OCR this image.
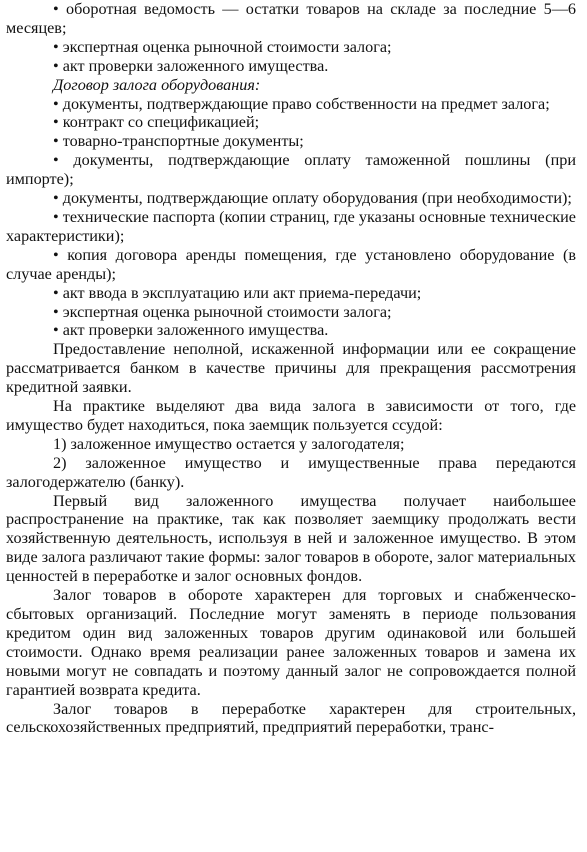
• оборотная ведомость — остатки товаров на складе за последние 5—6 месяцев;

• экспертная оценка рыночной стоимости залога;

• акт проверки заложенного имущества.

Договор залога оборудования:

• документы, подтверждающие право собственности на предмет залога;

• контракт со спецификацией;

• товарно-транспортные документы;

• документы, подтверждающие оплату таможенной пошлины (при импорте);

• документы, подтверждающие оплату оборудования (при необходимости);

• технические паспорта (копии страниц, где указаны основные технические характеристики);

• копия договора аренды помещения, где установлено оборудование (в случае аренды);

• акт ввода в эксплуатацию или акт приема-передачи;

• экспертная оценка рыночной стоимости залога;

• акт проверки заложенного имущества.

Предоставление неполной, искаженной информации или ее сокращение рассматривается банком в качестве причины для прекращения рассмотрения кредитной заявки.

На практике выделяют два вида залога в зависимости от того, где имущество будет находиться, пока заемщик пользуется ссудой:

1) заложенное имущество остается у залогодателя;

2) заложенное имущество и имущественные права передаются залогодержателю (банку).

Первый вид заложенного имущества получает наибольшее распространение на практике, так как позволяет заемщику продолжать вести хозяйственную деятельность, используя в ней и заложенное имущество. В этом виде залога различают такие формы: залог товаров в обороте, залог материальных ценностей в переработке и залог основных фондов.

Залог товаров в обороте характерен для торговых и снабженческо-сбытовых организаций. Последние могут заменять в периоде пользования кредитом один вид заложенных товаров другим одинаковой или большей стоимости. Однако время реализации ранее заложенных товаров и замена их новыми могут не совпадать и поэтому данный залог не сопровождается полной гарантией возврата кредита.

Залог товаров в переработке характерен для строительных, сельскохозяйственных предприятий, предприятий переработки, транс-
